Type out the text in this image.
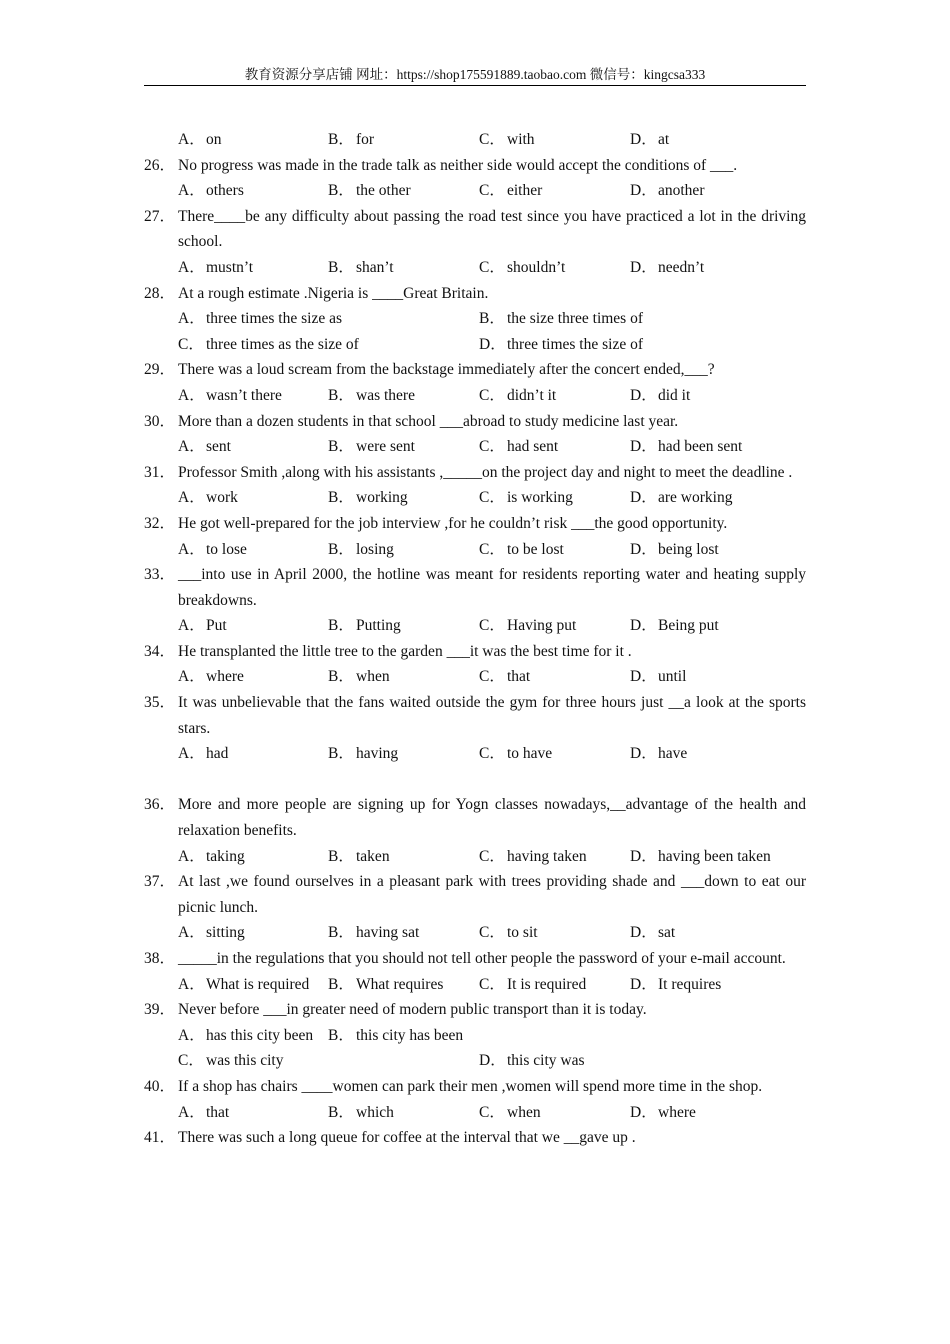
教育资源分享店铺 网址：https://shop175591889.taobao.com 微信号：kingcsa333
A．on	B． for	C． with	D．at
26． No progress was made in the trade talk as neither side would accept the conditions of ___.
A．others	B． the other	C． either	D．another
27． There____be any difficulty about passing the road test since you have practiced a lot in the driving school.
A．mustn’t	B． shan’t	C． shouldn’t	D．needn’t
28． At a rough estimate .Nigeria is ____Great Britain.
A．three times the size as	B． the size three times of
C． three times as the size of	D．three times the size of
29． There was a loud scream from the backstage immediately after the concert ended,___?
A．wasn’t there	B． was there	C． didn’t it	D．did it
30． More than a dozen students in that school ___abroad to study medicine last year.
A．sent	B． were sent	C． had sent	D．had been sent
31． Professor Smith ,along with his assistants ,_____on the project day and night to meet the deadline .
A．work	B． working	C． is working	D．are working
32． He got well-prepared for the job interview ,for he couldn’t risk ___the good opportunity.
A．to lose	B． losing	C． to be lost	D．being lost
33． ___into use in April 2000, the hotline was meant for residents reporting water and heating supply breakdowns.
A．Put	B． Putting	C． Having put	D．Being put
34． He transplanted the little tree to the garden ___it was the best time for it .
A．where	B． when	C． that	D．until
35． It was unbelievable that the fans waited outside the gym for three hours just __a look at the sports stars.
A．had	B． having	C． to have	D．have
36． More and more people are signing up for Yogn classes nowadays,__advantage of the health and relaxation benefits.
A．taking	B． taken	C． having taken	D．having been taken
37． At last ,we found ourselves in a pleasant park with trees providing shade and ___down to eat our picnic lunch.
A．sitting	B． having sat	C． to sit	D．sat
38． _____in the regulations that you should not tell other people the password of your e-mail account.
A．What is required B． What requires C． It is required	D．It requires
39． Never before ___in greater need of modern public transport than it is today.
A．has this city been B． this city has been
C． was this city	D．this city was
40． If a shop has chairs ____women can park their men ,women will spend more time in the shop.
A．that	B． which	C． when	D．where
41． There was such a long queue for coffee at the interval that we __gave up .
